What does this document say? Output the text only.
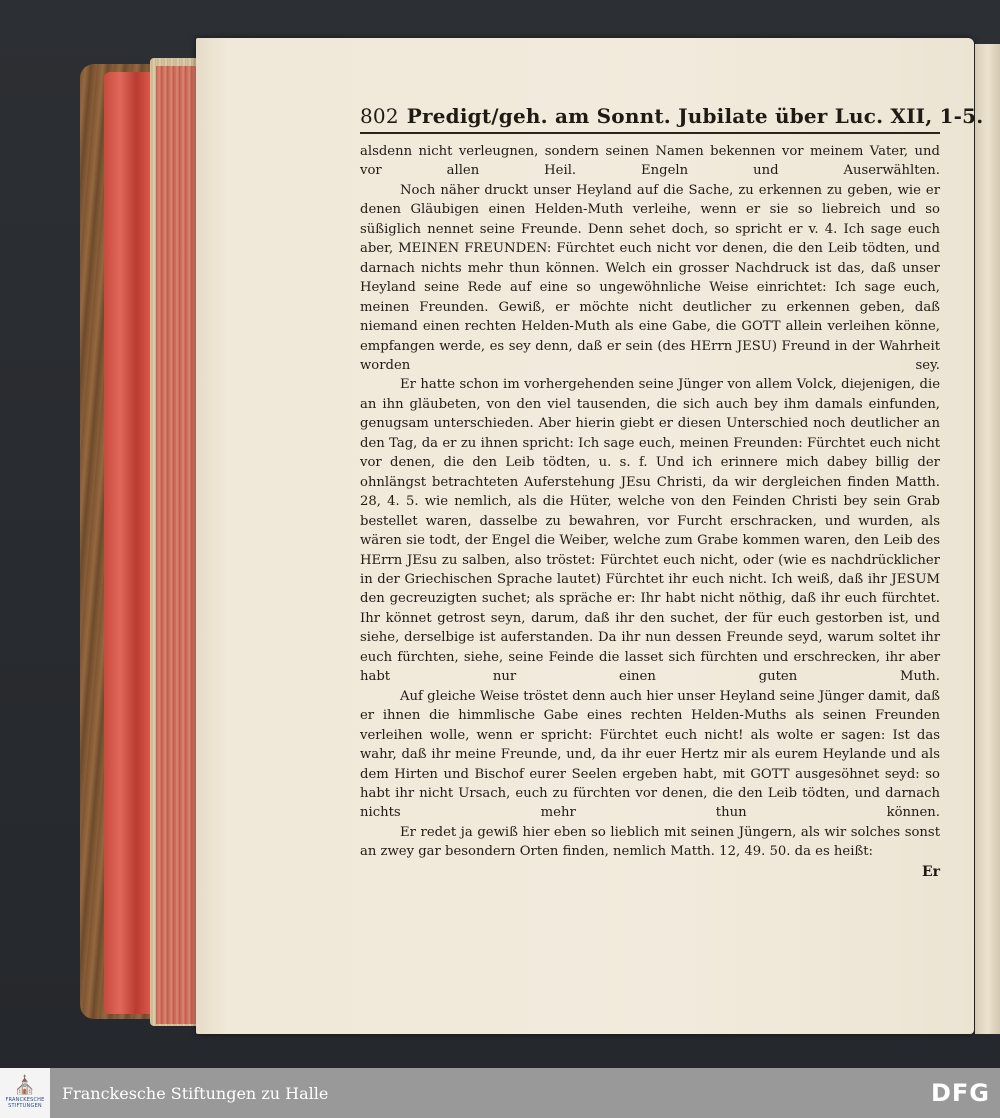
802 Predigt/geh. am Sonnt. Jubilate über Luc. XII, 1-5.

alsdenn nicht verleugnen, sondern seinen Namen bekennen vor meinem Vater, und vor allen Heil. Engeln und Auserwählten.

Noch näher druckt unser Heyland auf die Sache, zu erkennen zu geben, wie er denen Gläubigen einen Helden-Muth verleihe, wenn er sie so liebreich und so süßiglich nennet seine Freunde. Denn sehet doch, so spricht er v. 4. Ich sage euch aber, MEINEN FREUNDEN: Fürchtet euch nicht vor denen, die den Leib tödten, und darnach nichts mehr thun können. Welch ein grosser Nachdruck ist das, daß unser Heyland seine Rede auf eine so ungewöhnliche Weise einrichtet: Ich sage euch, meinen Freunden. Gewiß, er möchte nicht deutlicher zu erkennen geben, daß niemand einen rechten Helden-Muth als eine Gabe, die GOTT allein verleihen könne, empfangen werde, es sey denn, daß er sein (des HErrn JESU) Freund in der Wahrheit worden sey.

Er hatte schon im vorhergehenden seine Jünger von allem Volck, diejenigen, die an ihn gläubeten, von den viel tausenden, die sich auch bey ihm damals einfunden, genugsam unterschieden. Aber hierin giebt er diesen Unterschied noch deutlicher an den Tag, da er zu ihnen spricht: Ich sage euch, meinen Freunden: Fürchtet euch nicht vor denen, die den Leib tödten, u. s. f. Und ich erinnere mich dabey billig der ohnlängst betrachteten Auferstehung JEsu Christi, da wir dergleichen finden Matth. 28, 4. 5. wie nemlich, als die Hüter, welche von den Feinden Christi bey sein Grab bestellet waren, dasselbe zu bewahren, vor Furcht erschracken, und wurden, als wären sie todt, der Engel die Weiber, welche zum Grabe kommen waren, den Leib des HErrn JEsu zu salben, also tröstet: Fürchtet euch nicht, oder (wie es nachdrücklicher in der Griechischen Sprache lautet) Fürchtet ihr euch nicht. Ich weiß, daß ihr JESUM den gecreuzigten suchet; als spräche er: Ihr habt nicht nöthig, daß ihr euch fürchtet. Ihr könnet getrost seyn, darum, daß ihr den suchet, der für euch gestorben ist, und siehe, derselbige ist auferstanden. Da ihr nun dessen Freunde seyd, warum soltet ihr euch fürchten, siehe, seine Feinde die lasset sich fürchten und erschrecken, ihr aber habt nur einen guten Muth.

Auf gleiche Weise tröstet denn auch hier unser Heyland seine Jünger damit, daß er ihnen die himmlische Gabe eines rechten Helden-Muths als seinen Freunden verleihen wolle, wenn er spricht: Fürchtet euch nicht! als wolte er sagen: Ist das wahr, daß ihr meine Freunde, und, da ihr euer Hertz mir als eurem Heylande und als dem Hirten und Bischof eurer Seelen ergeben habt, mit GOTT ausgesöhnet seyd: so habt ihr nicht Ursach, euch zu fürchten vor denen, die den Leib tödten, und darnach nichts mehr thun können.

Er redet ja gewiß hier eben so lieblich mit seinen Jüngern, als wir solches sonst an zwey gar besondern Orten finden, nemlich Matth. 12, 49. 50. da es heißt:

Er
⛪
FRANCKESCHE STIFTUNGEN
Franckesche Stiftungen zu Halle	DFG
